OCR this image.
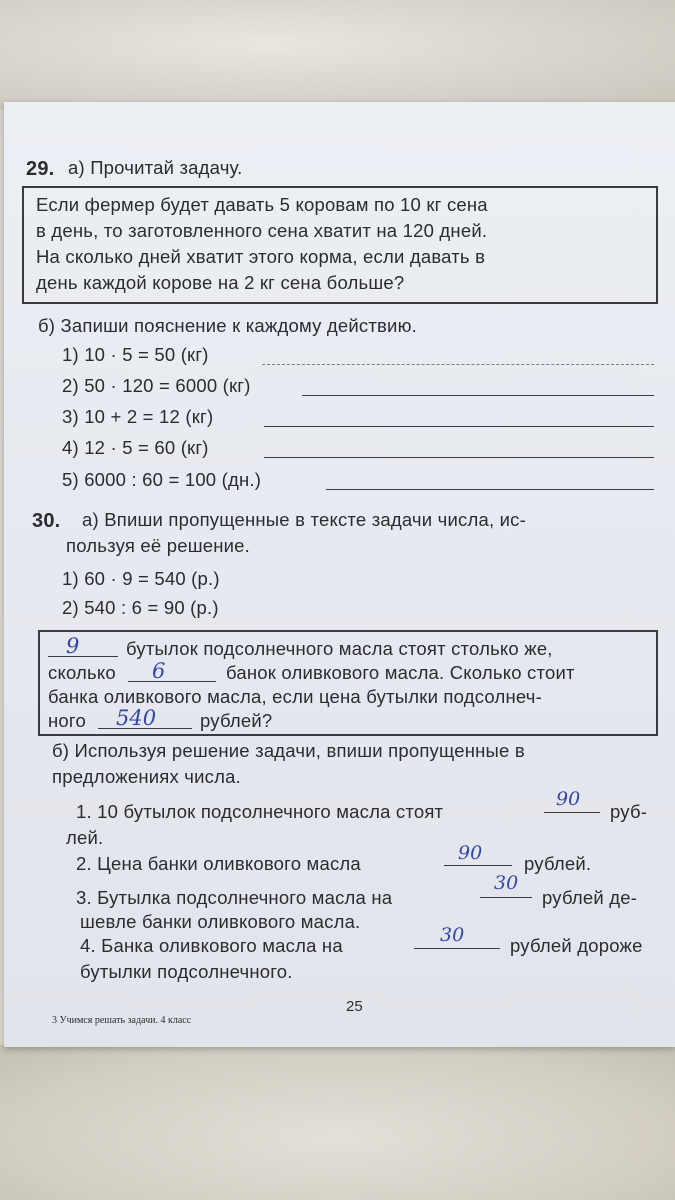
29. а) Прочитай задачу.
Если фермер будет давать 5 коровам по 10 кг сена
в день, то заготовленного сена хватит на 120 дней.
На сколько дней хватит этого корма, если давать в
день каждой корове на 2 кг сена больше?
б) Запиши пояснение к каждому действию.
1) 10 · 5 = 50 (кг)
2) 50 · 120 = 6000 (кг)
3) 10 + 2 = 12 (кг)
4) 12 · 5 = 60 (кг)
5) 6000 : 60 = 100 (дн.)
30. а) Впиши пропущенные в тексте задачи числа, ис-
пользуя её решение.
1) 60 · 9 = 540 (р.)
2) 540 : 6 = 90 (р.)
9	бутылок подсолнечного масла стоят столько же,
сколько 6	банок оливкового масла. Сколько стоит
банка оливкового масла, если цена бутылки подсолнеч-
ного 540 рублей?
б) Используя решение задачи, впиши пропущенные в
предложениях числа.
1. 10 бутылок подсолнечного масла стоят
90
руб-
лей.
2. Цена банки оливкового масла	90 рублей.
3. Бутылка подсолнечного масла на
30
рублей де-
шевле банки оливкового масла.
4. Банка оливкового масла на	30 рублей дороже
бутылки подсолнечного.
25
3 Учимся решать задачи. 4 класс
